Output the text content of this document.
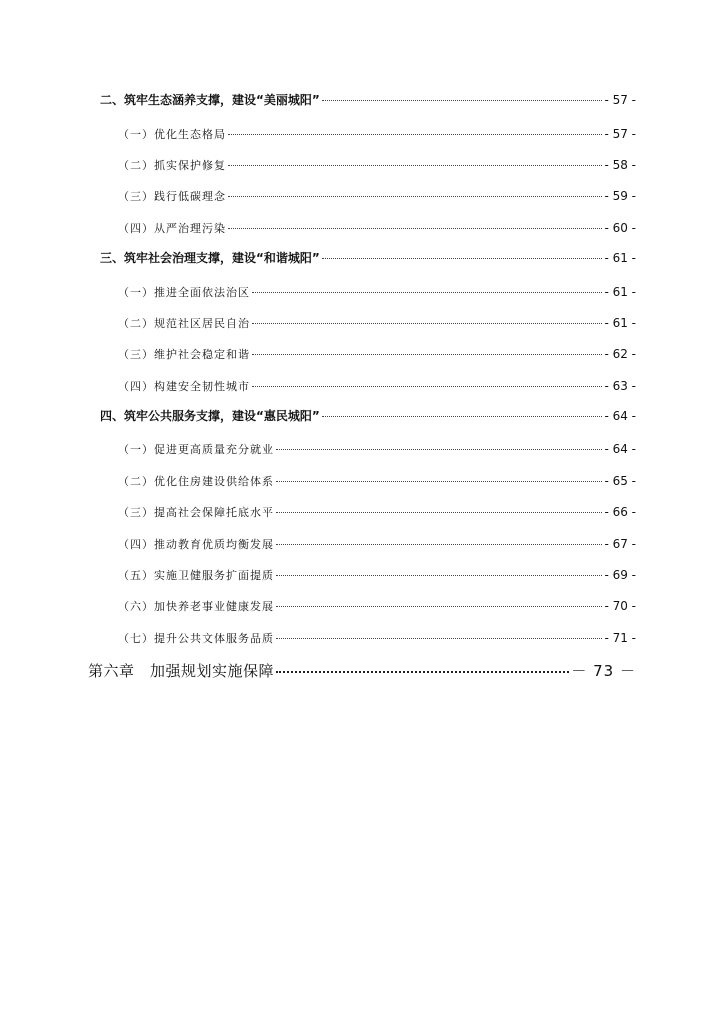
二、筑牢生态涵养支撑，建设“美丽城阳”	- 57 -
（一）优化生态格局	- 57 -
（二）抓实保护修复	- 58 -
（三）践行低碳理念	- 59 -
（四）从严治理污染	- 60 -
三、筑牢社会治理支撑，建设“和谐城阳”	- 61 -
（一）推进全面依法治区	- 61 -
（二）规范社区居民自治	- 61 -
（三）维护社会稳定和谐	- 62 -
（四）构建安全韧性城市	- 63 -
四、筑牢公共服务支撑，建设“惠民城阳”	- 64 -
（一）促进更高质量充分就业	- 64 -
（二）优化住房建设供给体系	- 65 -
（三）提高社会保障托底水平	- 66 -
（四）推动教育优质均衡发展	- 67 -
（五）实施卫健服务扩面提质	- 69 -
（六）加快养老事业健康发展	- 70 -
（七）提升公共文体服务品质	- 71 -
第六章　加强规划实施保障	－ 73 －
